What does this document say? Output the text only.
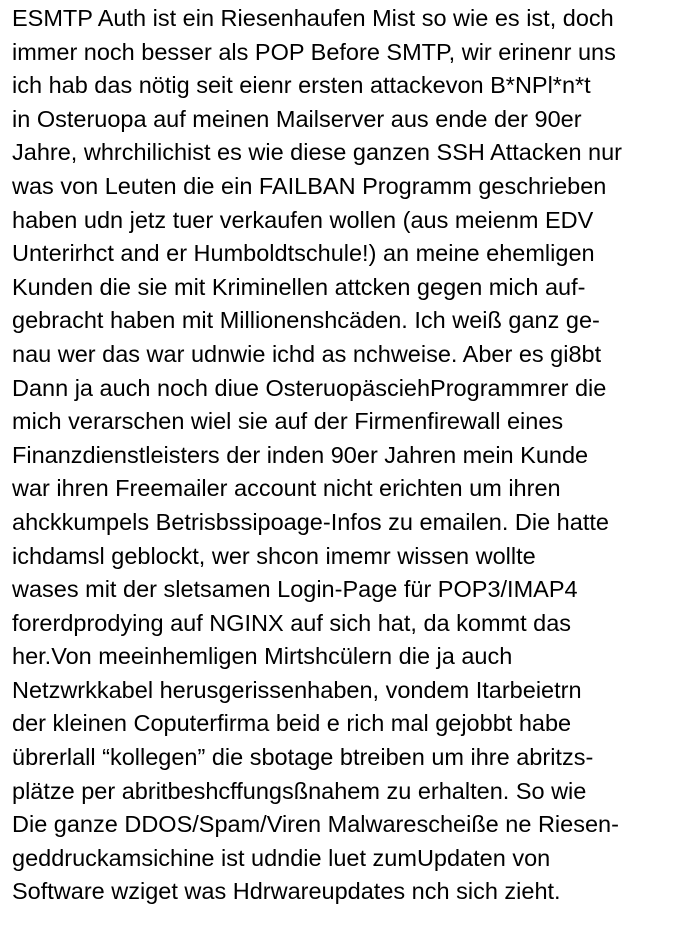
ESMTP Auth ist ein Riesenhaufen Mist so wie es ist, doch
immer noch besser als POP Before SMTP, wir erinenr uns
ich hab das nötig seit eienr ersten attackevon B*NPl*n*t
in Osteruopa auf meinen Mailserver aus ende der 90er
Jahre, whrchilichist es wie diese ganzen SSH Attacken nur
was von Leuten die ein FAILBAN Programm geschrieben
haben udn jetz tuer verkaufen wollen (aus meienm EDV
Unterirhct and er Humboldtschule!) an meine ehemligen
Kunden die sie mit Kriminellen attcken gegen mich auf-
gebracht haben mit Millionenshcäden. Ich weiß ganz ge-
nau wer das war udnwie ichd as nchweise. Aber es gi8bt
Dann ja auch noch diue OsteruopäsciehProgrammrer die
mich verarschen wiel sie auf der Firmenfirewall eines
Finanzdienstleisters der inden 90er Jahren mein Kunde
war ihren Freemailer account nicht erichten um ihren
ahckkumpels Betrisbssipoage-Infos zu emailen. Die hatte
ichdamsl geblockt, wer shcon imemr wissen wollte
wases mit der sletsamen Login-Page für POP3/IMAP4
forerdprodying auf NGINX auf sich hat, da kommt das
her.Von meeinhemligen Mirtshcülern die ja auch
Netzwrkkabel herusgerissenhaben, vondem Itarbeietrn
der kleinen Coputerfirma beid e rich mal gejobbt habe
übrerlall “kollegen” die sbotage btreiben um ihre abritzs-
plätze per abritbeshcffungsßnahem zu erhalten. So wie
Die ganze DDOS/Spam/Viren Malwarescheiße ne Riesen-
geddruckamsichine ist udndie luet zumUpdaten von
Software wziget was Hdrwareupdates nch sich zieht.
